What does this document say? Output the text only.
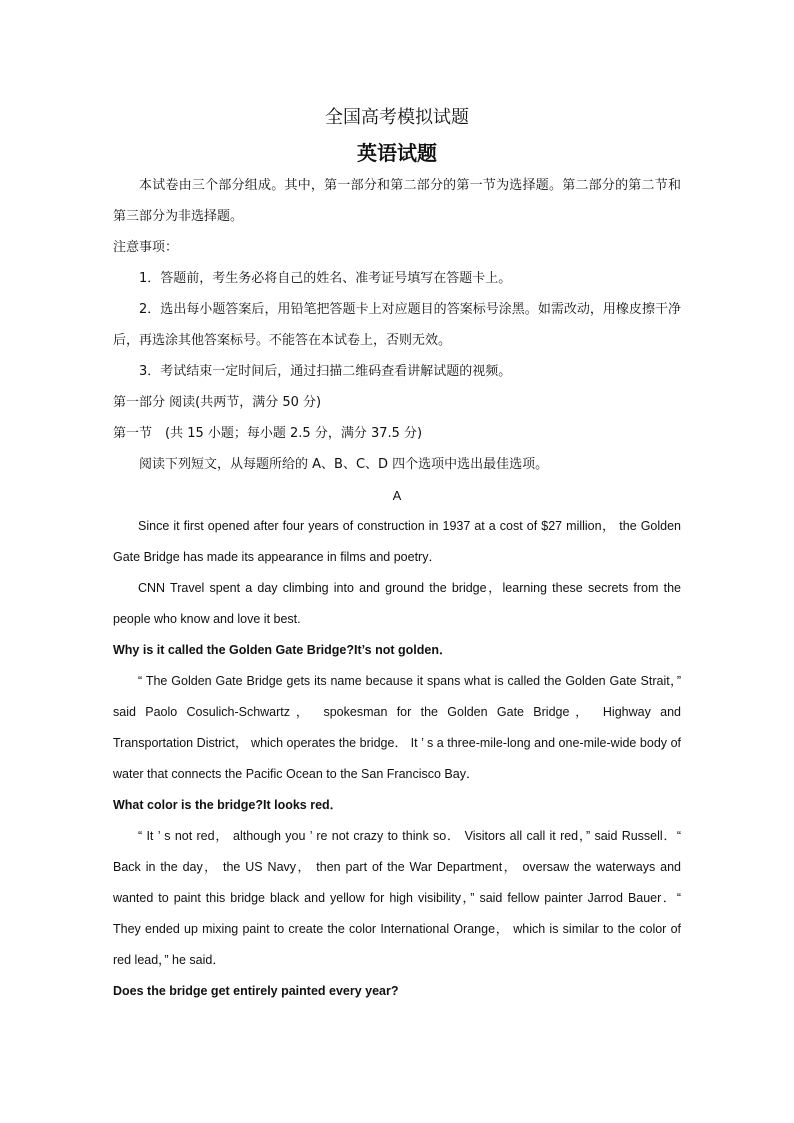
全国高考模拟试题
英语试题

本试卷由三个部分组成。其中，第一部分和第二部分的第一节为选择题。第二部分的第二节和第三部分为非选择题。

注意事项：

1．答题前，考生务必将自己的姓名、准考证号填写在答题卡上。

2．选出每小题答案后，用铅笔把答题卡上对应题目的答案标号涂黑。如需改动，用橡皮擦干净后，再选涂其他答案标号。不能答在本试卷上，否则无效。

3．考试结束一定时间后，通过扫描二维码查看讲解试题的视频。

第一部分 阅读(共两节，满分 50 分)

第一节　(共 15 小题；每小题 2.5 分，满分 37.5 分)

阅读下列短文，从每题所给的 A、B、C、D 四个选项中选出最佳选项。

A

Since it first opened after four years of construction in 1937 at a cost of $27 million， the Golden Gate Bridge has made its appearance in films and poetry．

CNN Travel spent a day climbing into and ground the bridge，learning these secrets from the people who know and love it best.

Why is it called the Golden Gate Bridge?It’s not golden．

“ The Golden Gate Bridge gets its name because it spans what is called the Golden Gate Strait，” said Paolo Cosulich-Schwartz， spokesman for the Golden Gate Bridge， Highway and Transportation District， which operates the bridge． It ’ s a three-mile-long and one-mile-wide body of water that connects the Pacific Ocean to the San Francisco Bay．

What color is the bridge?It looks red．

“ It ’ s not red， although you ’ re not crazy to think so． Visitors all call it red，” said Russell．“ Back in the day， the US Navy， then part of the War Department， oversaw the waterways and wanted to paint this bridge black and yellow for high visibility，” said fellow painter Jarrod Bauer．“ They ended up mixing paint to create the color International Orange， which is similar to the color of red lead，” he said．

Does the bridge get entirely painted every year?
